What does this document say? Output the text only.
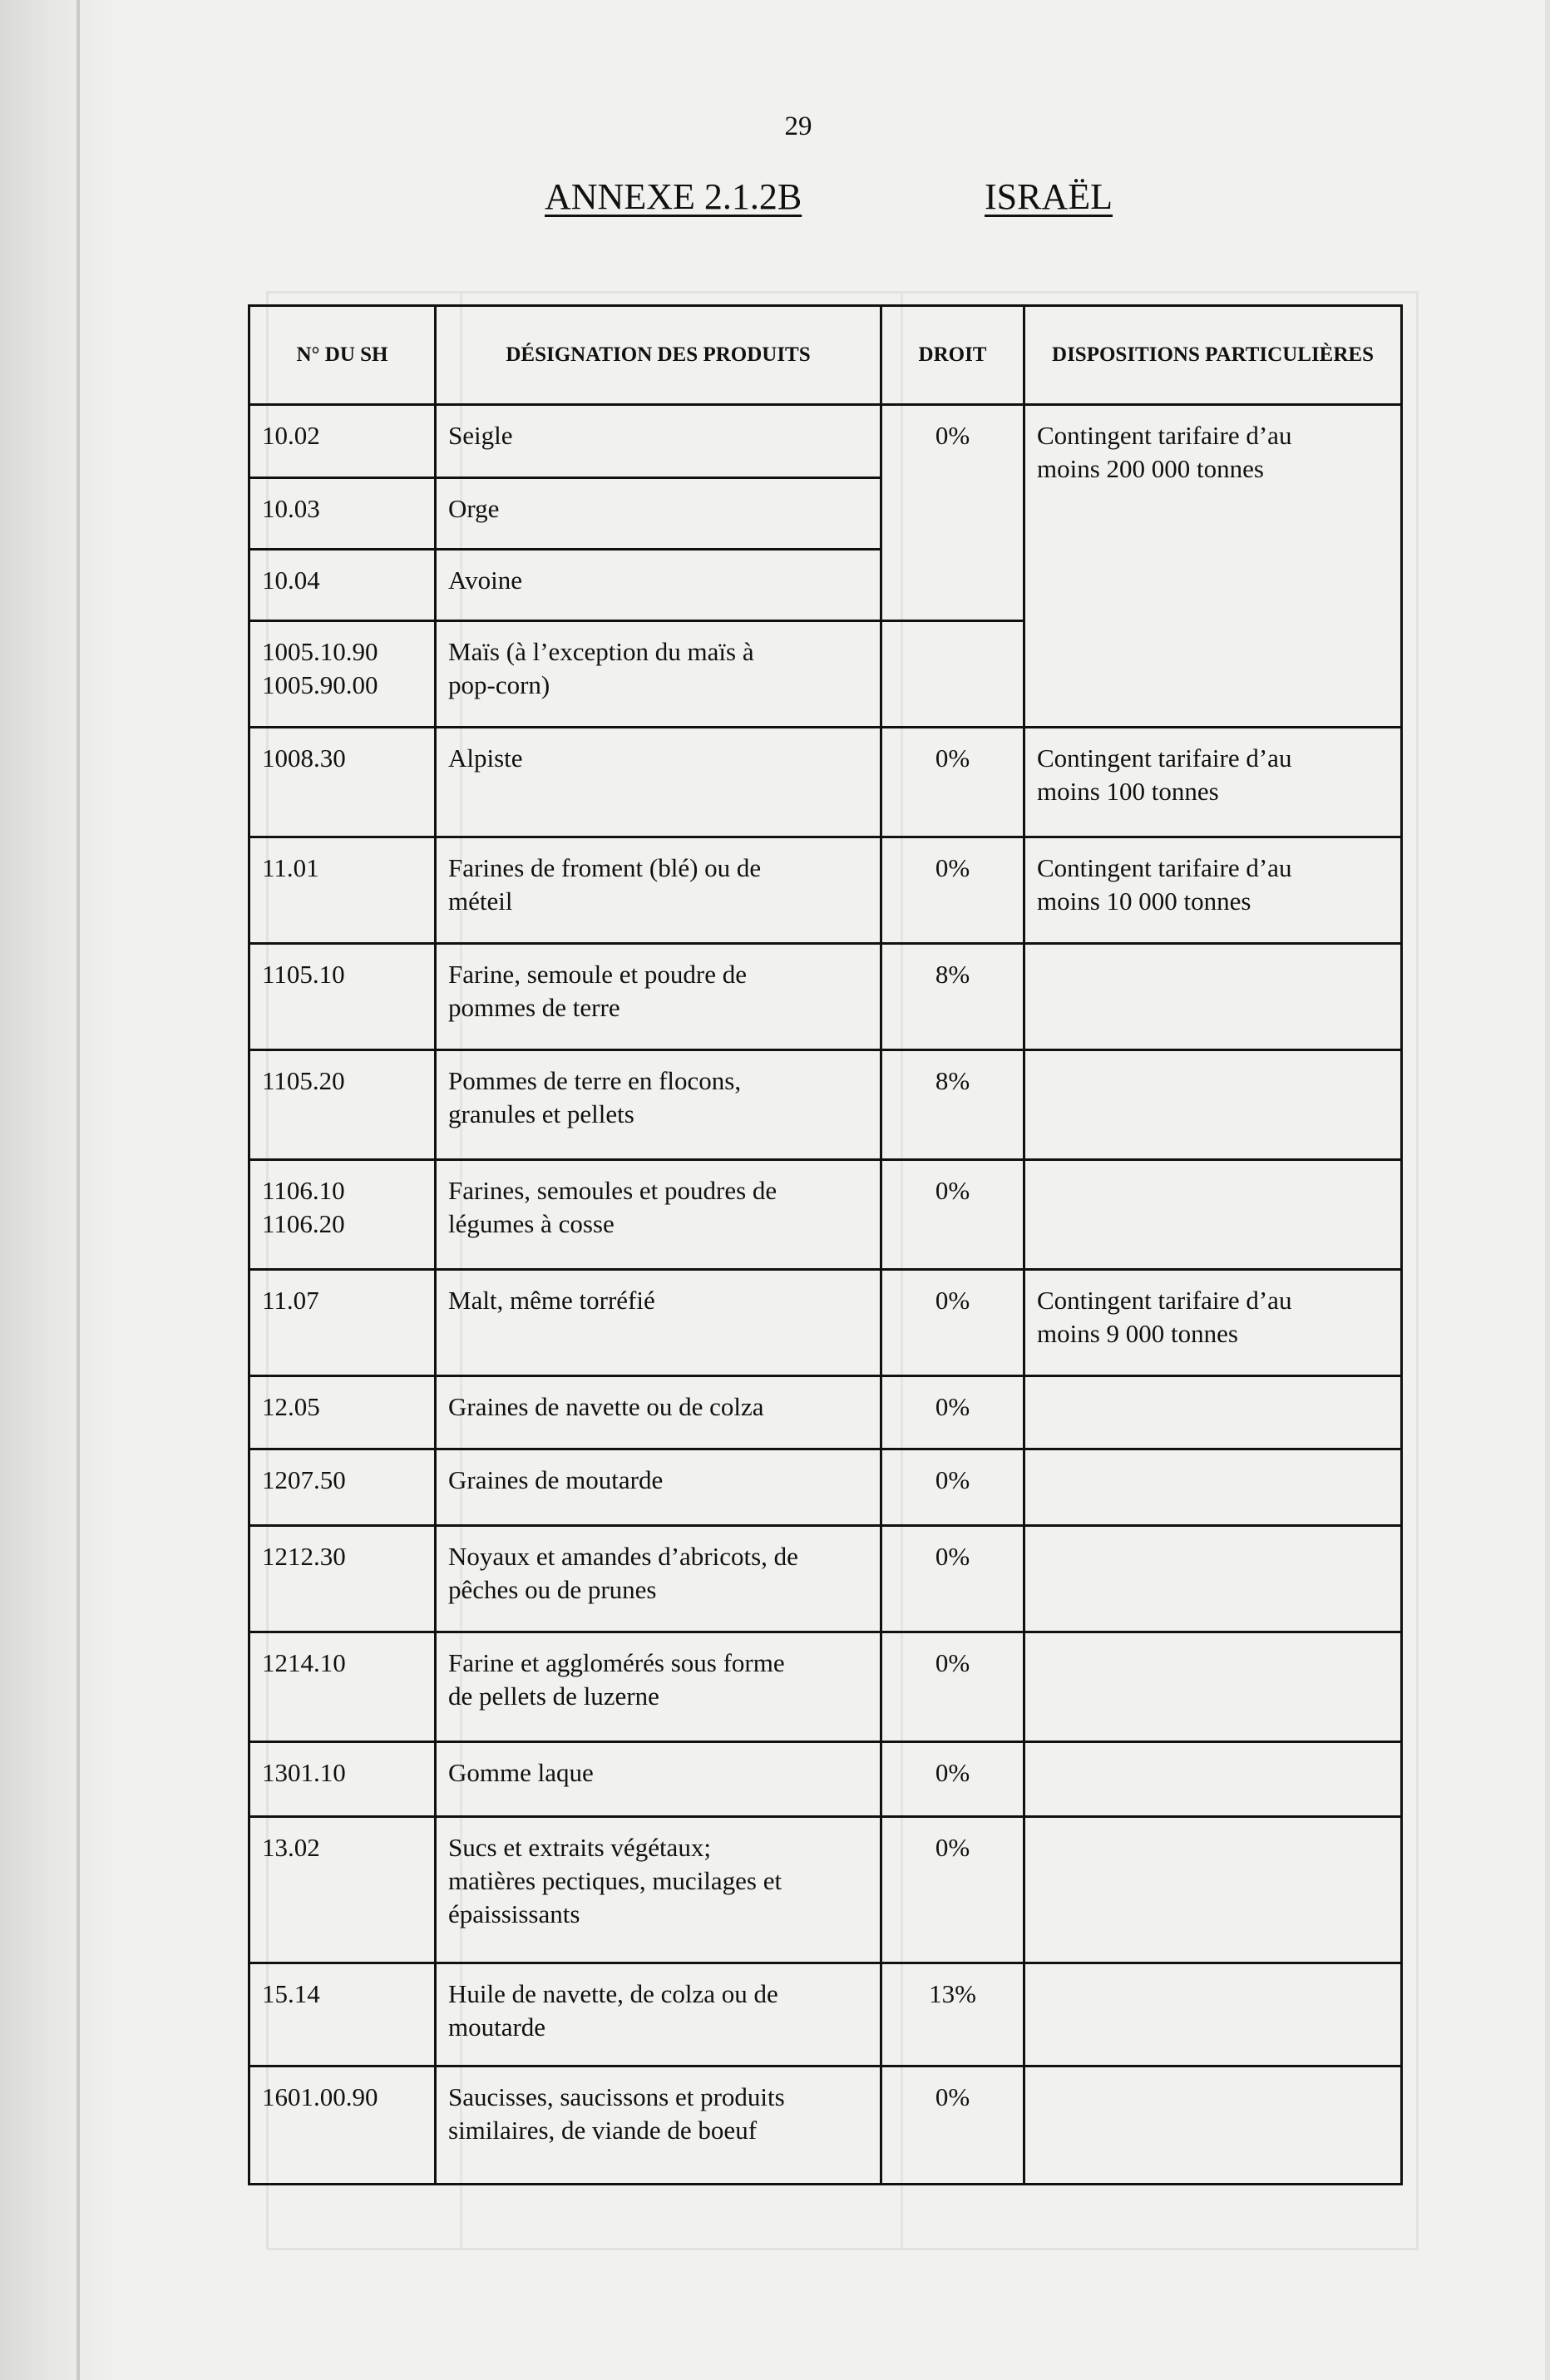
29
ANNEXE 2.1.2B	ISRAËL
N° DU SH	DÉSIGNATION DES PRODUITS	DROIT	DISPOSITIONS PARTICULIÈRES

10.02	Seigle	0%	Contingent tarifaire d’au
moins 200 000 tonnes

10.03	Orge		

10.04	Avoine		

1005.10.90
1005.90.00	Maïs (à l’exception du maïs à
pop-corn)		

1008.30	Alpiste	0%	Contingent tarifaire d’au
moins 100 tonnes

11.01	Farines de froment (blé) ou de
méteil	0%	Contingent tarifaire d’au
moins 10 000 tonnes

1105.10	Farine, semoule et poudre de
pommes de terre	8%	

1105.20	Pommes de terre en flocons,
granules et pellets	8%	

1106.10
1106.20	Farines, semoules et poudres de
légumes à cosse	0%	

11.07	Malt, même torréfié	0%	Contingent tarifaire d’au
moins 9 000 tonnes

12.05	Graines de navette ou de colza	0%	

1207.50	Graines de moutarde	0%	

1212.30	Noyaux et amandes d’abricots, de
pêches ou de prunes	0%	

1214.10	Farine et agglomérés sous forme
de pellets de luzerne	0%	

1301.10	Gomme laque	0%	

13.02	Sucs et extraits végétaux;
matières pectiques, mucilages et
épaississants	0%	

15.14	Huile de navette, de colza ou de
moutarde	13%	

1601.00.90	Saucisses, saucissons et produits
similaires, de viande de boeuf	0%	
